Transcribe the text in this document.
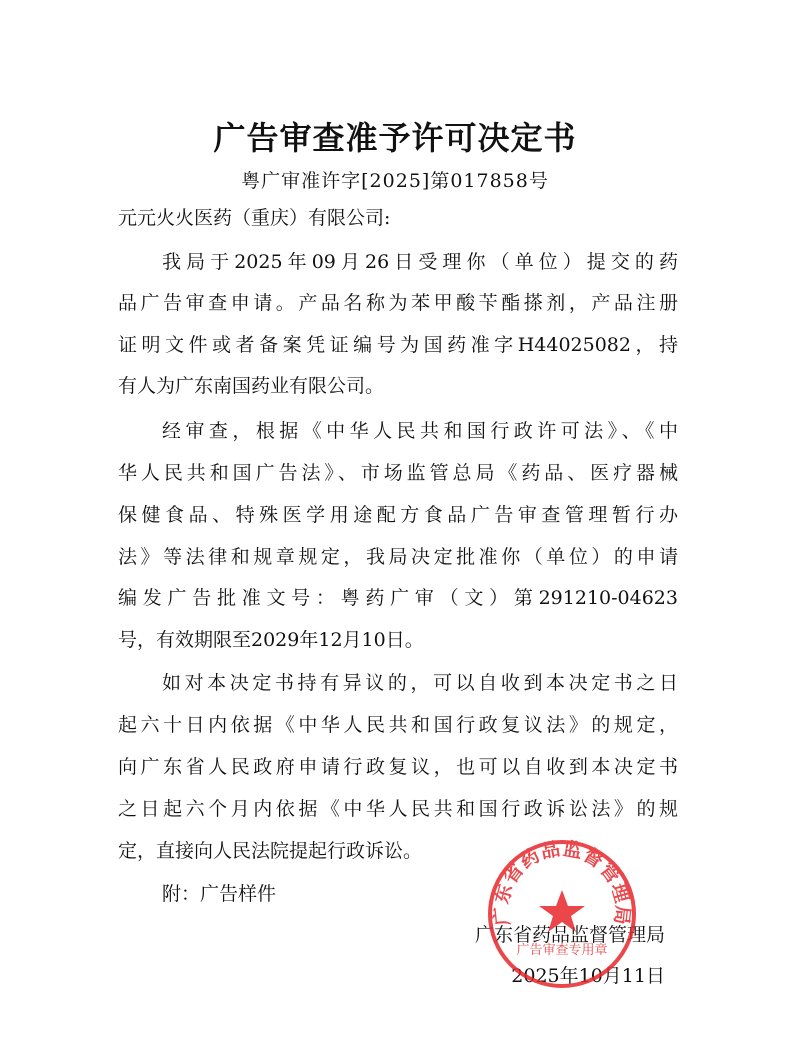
广告审查准予许可决定书
粤广审准许字[2025]第017858号
元元火火医药（重庆）有限公司:
我局于2025年09月26日受理你（单位）提交的药
品广告审查申请。产品名称为苯甲酸苄酯搽剂，产品注册
证明文件或者备案凭证编号为国药准字H44025082，持
有人为广东南国药业有限公司。
经审查，根据《中华人民共和国行政许可法》、《中
华人民共和国广告法》、市场监管总局《药品、医疗器械
保健食品、特殊医学用途配方食品广告审查管理暂行办
法》等法律和规章规定，我局决定批准你（单位）的申请
编发广告批准文号：粤药广审（文）第291210-04623
号，有效期限至2029年12月10日。
如对本决定书持有异议的，可以自收到本决定书之日
起六十日内依据《中华人民共和国行政复议法》的规定，
向广东省人民政府申请行政复议，也可以自收到本决定书
之日起六个月内依据《中华人民共和国行政诉讼法》的规
定，直接向人民法院提起行政诉讼。
附：广告样件
广东省药品监督管理局
2025年10月11日
广东省药品监督管理局
广告审查专用章
